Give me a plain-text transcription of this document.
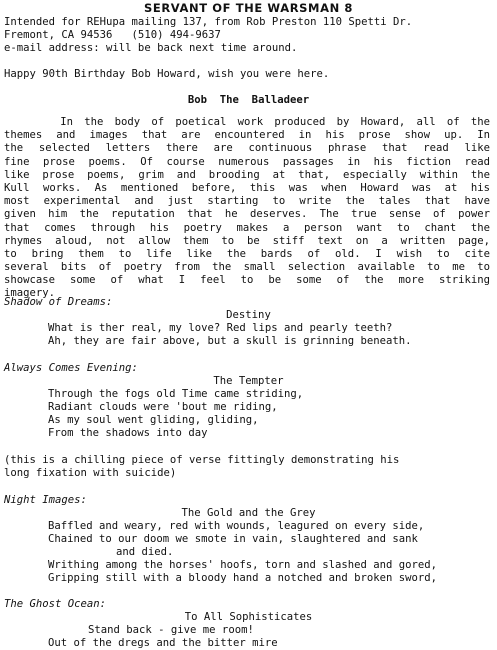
SERVANT OF THE WARSMAN 8
Intended for REHupa mailing 137, from Rob Preston 110 Spetti Dr.
Fremont, CA 94536   (510) 494-9637
e-mail address: will be back next time around.
Happy 90th Birthday Bob Howard, wish you were here.
Bob  The  Balladeer
In the body of poetical work produced by Howard, all of the
themes and images that are encountered in his prose show up. In
the selected letters there are continuous phrase that read like
fine prose poems. Of course numerous passages in his fiction read
like prose poems, grim and brooding at that, especially within the
Kull works. As mentioned before, this was when Howard was at his
most experimental and just starting to write the tales that have
given him the reputation that he deserves. The true sense of power
that comes through his poetry makes a person want to chant the
rhymes aloud, not allow them to be stiff text on a written page,
to bring them to life like the bards of old. I wish to cite
several bits of poetry from the small selection available to me to
showcase some of what I feel to be some of the more striking
imagery.
Shadow of Dreams:
Destiny
What is ther real, my love? Red lips and pearly teeth?
Ah, they are fair above, but a skull is grinning beneath.
Always Comes Evening:
The Tempter
Through the fogs old Time came striding,
Radiant clouds were 'bout me riding,
As my soul went gliding, gliding,
From the shadows into day
(this is a chilling piece of verse fittingly demonstrating his
long fixation with suicide)
Night Images:
The Gold and the Grey
Baffled and weary, red with wounds, leagured on every side,
Chained to our doom we smote in vain, slaughtered and sank
and died.
Writhing among the horses' hoofs, torn and slashed and gored,
Gripping still with a bloody hand a notched and broken sword,
The Ghost Ocean:
To All Sophisticates
Stand back - give me room!
Out of the dregs and the bitter mire
